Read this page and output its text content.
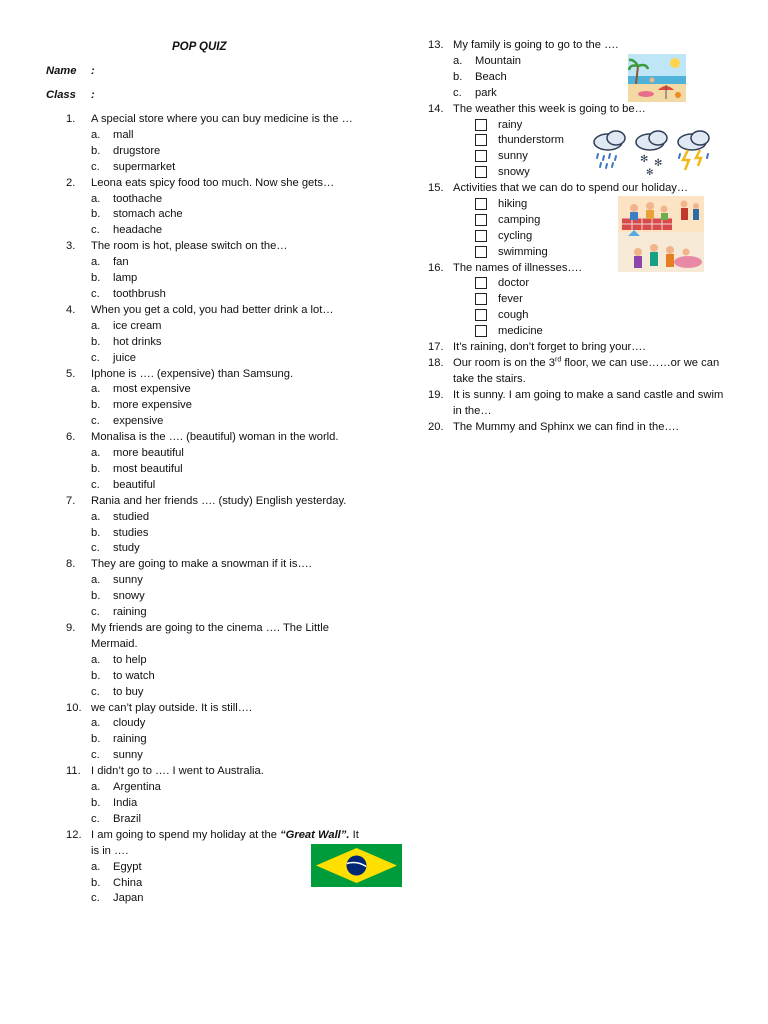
POP QUIZ
Name :
Class :
1. A special store where you can buy medicine is the …
a. mall
b. drugstore
c. supermarket
2. Leona eats spicy food too much. Now she gets…
a. toothache
b. stomach ache
c. headache
3. The room is hot, please switch on the…
a. fan
b. lamp
c. toothbrush
4. When you get a cold, you had better drink a lot…
a. ice cream
b. hot drinks
c. juice
5. Iphone is …. (expensive) than Samsung.
a. most expensive
b. more expensive
c. expensive
6. Monalisa is the …. (beautiful) woman in the world.
a. more beautiful
b. most beautiful
c. beautiful
7. Rania and her friends …. (study) English yesterday.
a. studied
b. studies
c. study
8. They are going to make a snowman if it is….
a. sunny
b. snowy
c. raining
9. My friends are going to the cinema …. The Little Mermaid.
a. to help
b. to watch
c. to buy
10. we can’t play outside. It is still….
a. cloudy
b. raining
c. sunny
11. I didn’t go to …. I went to Australia.
a. Argentina
b. India
c. Brazil
12. I am going to spend my holiday at the “Great Wall”. It is in ….
a. Egypt
b. China
c. Japan
13. My family is going to go to the ….
a. Mountain
b. Beach
c. park
14. The weather this week is going to be…
rainy
thunderstorm
sunny
snowy
15. Activities that we can do to spend our holiday…
hiking
camping
cycling
swimming
16. The names of illnesses….
doctor
fever
cough
medicine
17. It’s raining, don’t forget to bring your….
18. Our room is on the 3rd floor, we can use……or we can take the stairs.
19. It is sunny. I am going to make a sand castle and swim in the…
20. The Mummy and Sphinx we can find in the….
✻ ✻
✻
